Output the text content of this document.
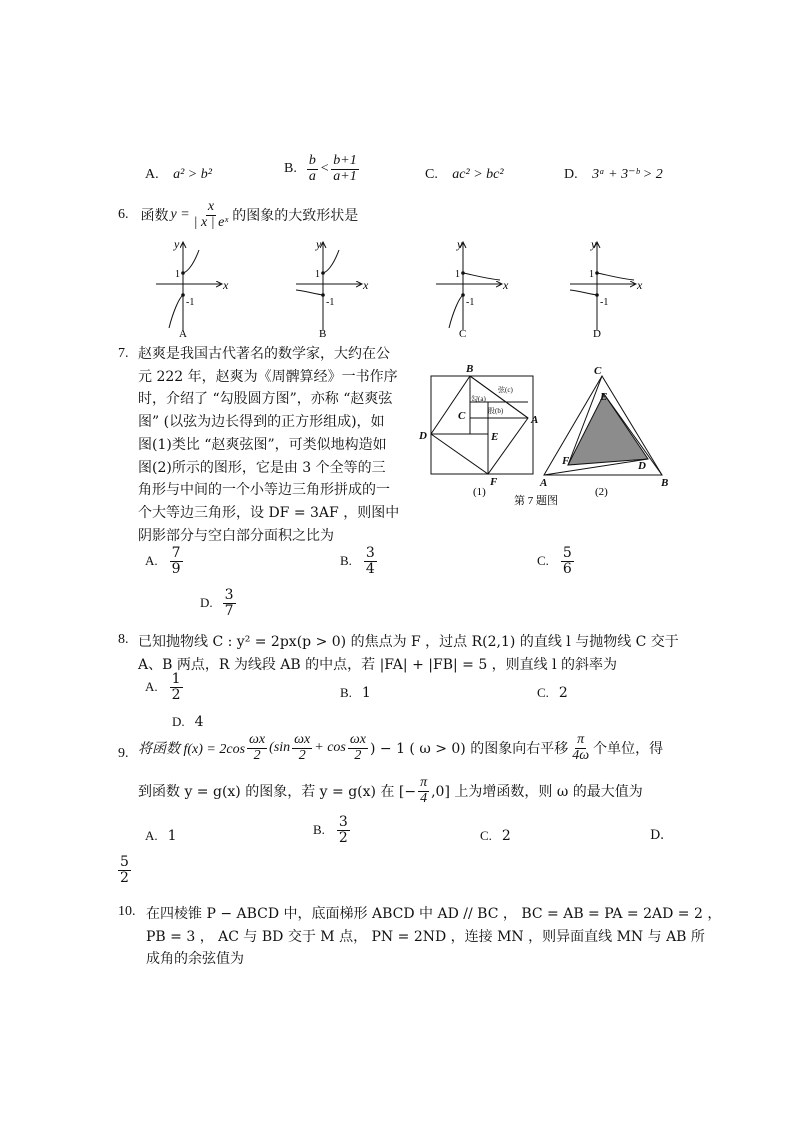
A. a² > b²	B. $\frac{b}{a} < \frac{b+1}{a+1}$	C. ac² > bc²	D. 3ᵃ + 3⁻ᵇ > 2
6. 函数 $y = \frac{x}{\text{| x | eˣ}}$ 的图象的大致形状是
y
x
1
-1
A
y
x
1
-1
B
y
x
1
-1
C
y
x
1
-1
D
7. 赵爽是我国古代著名的数学家，大约在公
元 222 年，赵爽为《周髀算经》一书作序
时，介绍了 “勾股圆方图”，亦称 “赵爽弦
图” (以弦为边长得到的正方形组成)，如
图(1)类比 “赵爽弦图”，可类似地构造如
图(2)所示的图形，它是由 3 个全等的三
角形与中间的一个小等边三角形拼成的一
个大等边三角形，设 DF = 3AF ，则图中
阴影部分与空白部分面积之比为
B
A
C
D	E
F
勾(a)
股(b)
弦(c)
(1)
C
E
F	D
A	B
(2)
第 7 题图
A. $\frac{7}{9}$	B. $\frac{3}{4}$	C. $\frac{5}{6}$
D. $\frac{3}{7}$
8. 已知抛物线 C : y² = 2px(p > 0) 的焦点为 F ，过点 R(2,1) 的直线 l 与抛物线 C 交于
A、B 两点，R 为线段 AB 的中点，若 |FA| + |FB| = 5 ，则直线 l 的斜率为
A. $\frac{1}{2}$	B. 1	C. 2
D. 4
9. 将函数 $f(x) = 2\cos \frac{\omega x}{2} (\sin \frac{\omega x}{2} + \cos \frac{\omega x}{2}$ ) − 1 ( ω > 0) 的图象向右平移 $\frac{\pi}{4\omega}$ 个单位，得
到函数 y = g(x) 的图象，若 y = g(x) 在 [− $\frac{\pi}{4} ,0$] 上为增函数，则 ω 的最大值为
A. 1	B. $\frac{3}{2}$	C. 2	D.
$\frac{5}{2}$
10. 在四棱锥 P − ABCD 中，底面梯形 ABCD 中 AD // BC ， BC = AB = PA = 2AD = 2 ，
PB = 3 ， AC 与 BD 交于 M 点， PN = 2ND ，连接 MN ，则异面直线 MN 与 AB 所
成角的余弦值为
